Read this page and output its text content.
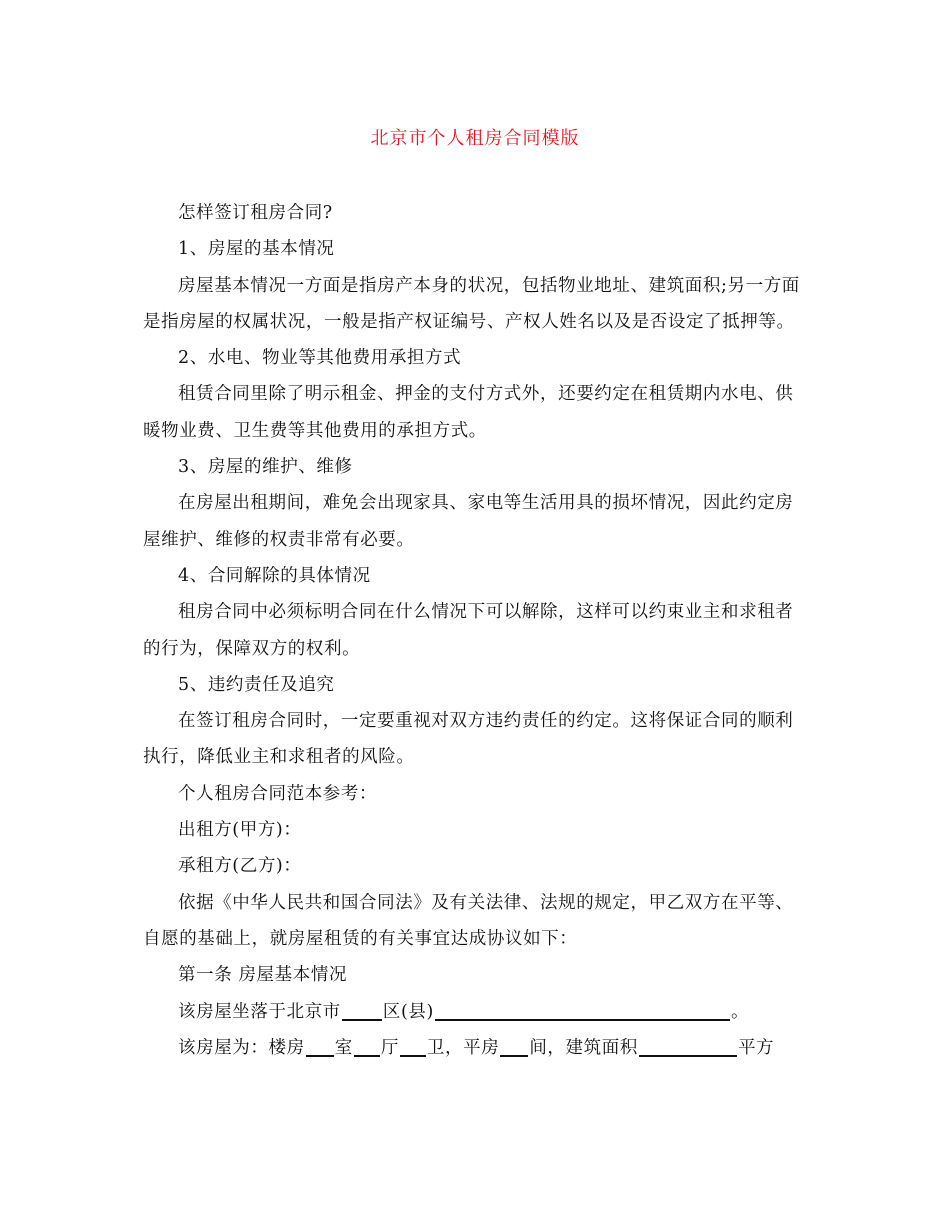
北京市个人租房合同模版

怎样签订租房合同?

1、房屋的基本情况

房屋基本情况一方面是指房产本身的状况，包括物业地址、建筑面积;另一方面是指房屋的权属状况，一般是指产权证编号、产权人姓名以及是否设定了抵押等。

2、水电、物业等其他费用承担方式

租赁合同里除了明示租金、押金的支付方式外，还要约定在租赁期内水电、供暖物业费、卫生费等其他费用的承担方式。

3、房屋的维护、维修

在房屋出租期间，难免会出现家具、家电等生活用具的损坏情况，因此约定房屋维护、维修的权责非常有必要。

4、合同解除的具体情况

租房合同中必须标明合同在什么情况下可以解除，这样可以约束业主和求租者的行为，保障双方的权利。

5、违约责任及追究

在签订租房合同时，一定要重视对双方违约责任的约定。这将保证合同的顺利执行，降低业主和求租者的风险。

个人租房合同范本参考：

出租方(甲方)：

承租方(乙方)：

依据《中华人民共和国合同法》及有关法律、法规的规定，甲乙双方在平等、自愿的基础上，就房屋租赁的有关事宜达成协议如下：

第一条 房屋基本情况

该房屋坐落于北京市 区(县)	。

该房屋为：楼房 室 厅 卫，平房 间，建筑面积	平方
